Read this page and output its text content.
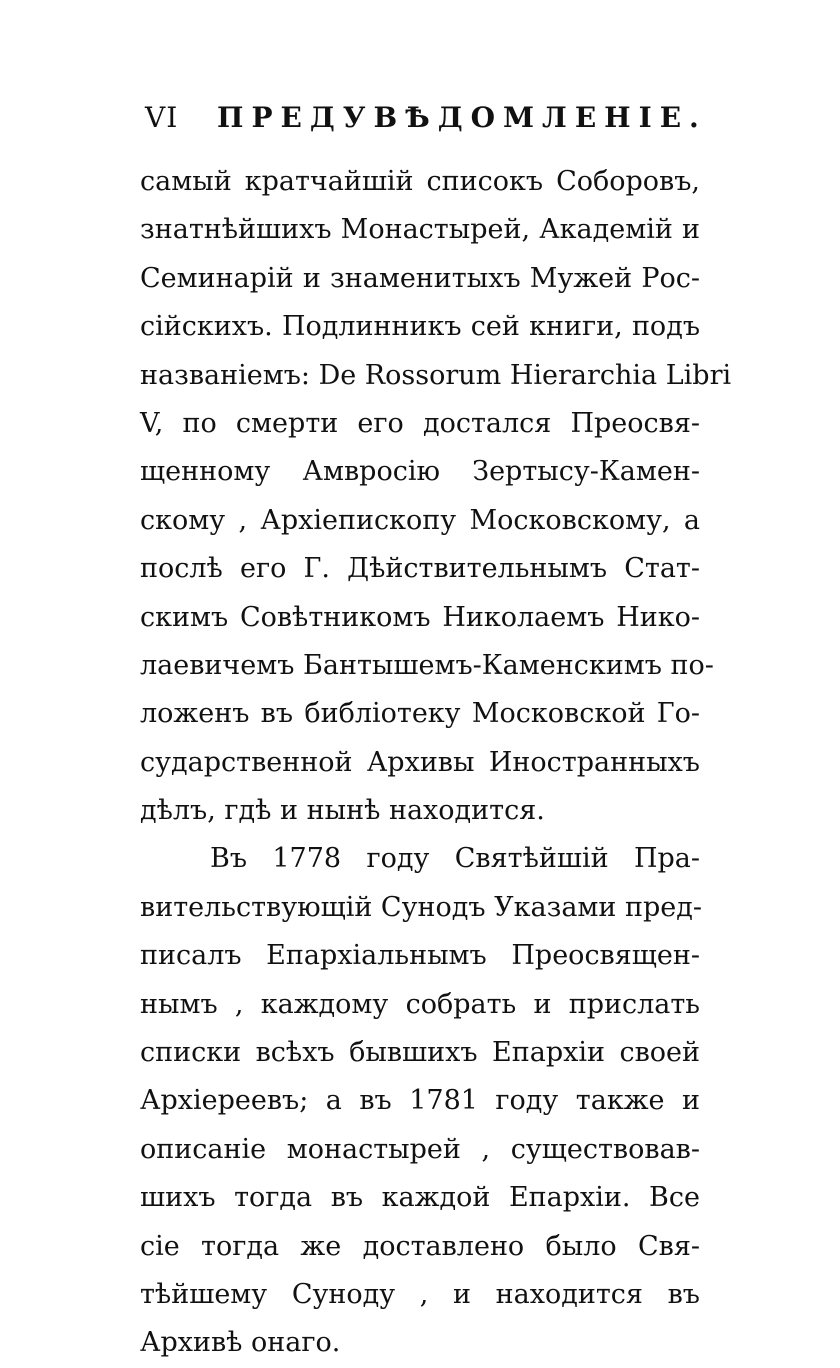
VI ПРЕДУВѢДОМЛЕНIЕ.
самый кратчайшiй списокъ Соборовъ,
знатнѣйшихъ Монастырей, Академiй и
Семинарiй и знаменитыхъ Мужей Рос-
сiйскихъ. Подлинникъ сей книги, подъ
названiемъ: De Rossorum Hierarchia Libri
V, по смерти его достался Преосвя-
щенному Амвросiю Зертысу-Камен-
скому , Архiепископу Московскому, а
послѣ его Г. Дѣйствительнымъ Стат-
скимъ Совѣтникомъ Николаемъ Нико-
лаевичемъ Бантышемъ-Каменскимъ по-
ложенъ въ библiотеку Московской Го-
сударственной Архивы Иностранныхъ
дѣлъ, гдѣ и нынѣ находится.
Въ 1778 году Святѣйшiй Пра-
вительствующiй Сунодъ Указами пред-
писалъ Епархiальнымъ Преосвящен-
нымъ , каждому собрать и прислать
списки всѣхъ бывшихъ Епархiи своей
Архiереевъ; а въ 1781 году также и
описанiе монастырей , существовав-
шихъ тогда въ каждой Епархiи. Все
сiе тогда же доставлено было Свя-
тѣйшему Суноду , и находится въ
Архивѣ онаго.
